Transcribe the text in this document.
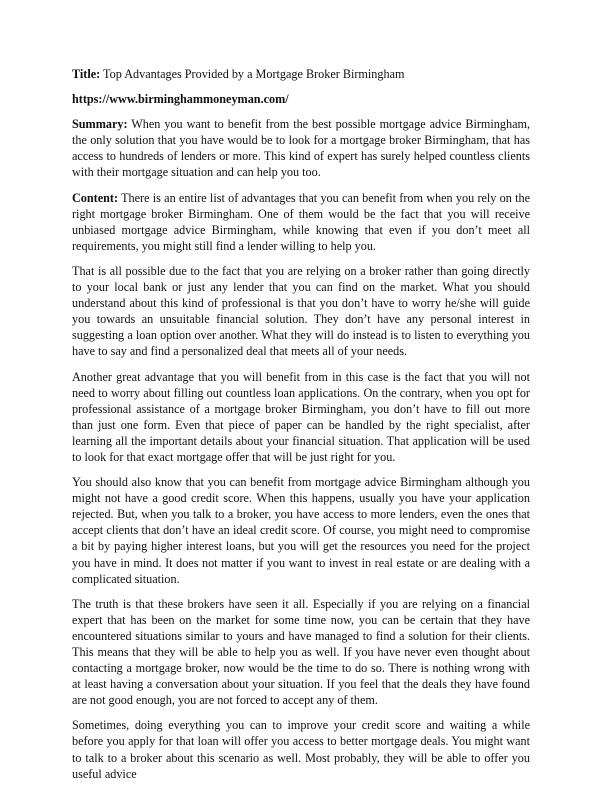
Title: Top Advantages Provided by a Mortgage Broker Birmingham

https://www.birminghammoneyman.com/

Summary: When you want to benefit from the best possible mortgage advice Birmingham, the only solution that you have would be to look for a mortgage broker Birmingham, that has access to hundreds of lenders or more. This kind of expert has surely helped countless clients with their mortgage situation and can help you too.

Content: There is an entire list of advantages that you can benefit from when you rely on the right mortgage broker Birmingham. One of them would be the fact that you will receive unbiased mortgage advice Birmingham, while knowing that even if you don’t meet all requirements, you might still find a lender willing to help you.

That is all possible due to the fact that you are relying on a broker rather than going directly to your local bank or just any lender that you can find on the market. What you should understand about this kind of professional is that you don’t have to worry he/she will guide you towards an unsuitable financial solution. They don’t have any personal interest in suggesting a loan option over another. What they will do instead is to listen to everything you have to say and find a personalized deal that meets all of your needs.

Another great advantage that you will benefit from in this case is the fact that you will not need to worry about filling out countless loan applications. On the contrary, when you opt for professional assistance of a mortgage broker Birmingham, you don’t have to fill out more than just one form. Even that piece of paper can be handled by the right specialist, after learning all the important details about your financial situation. That application will be used to look for that exact mortgage offer that will be just right for you.

You should also know that you can benefit from mortgage advice Birmingham although you might not have a good credit score. When this happens, usually you have your application rejected. But, when you talk to a broker, you have access to more lenders, even the ones that accept clients that don’t have an ideal credit score. Of course, you might need to compromise a bit by paying higher interest loans, but you will get the resources you need for the project you have in mind. It does not matter if you want to invest in real estate or are dealing with a complicated situation.

The truth is that these brokers have seen it all. Especially if you are relying on a financial expert that has been on the market for some time now, you can be certain that they have encountered situations similar to yours and have managed to find a solution for their clients. This means that they will be able to help you as well. If you have never even thought about contacting a mortgage broker, now would be the time to do so. There is nothing wrong with at least having a conversation about your situation. If you feel that the deals they have found are not good enough, you are not forced to accept any of them.

Sometimes, doing everything you can to improve your credit score and waiting a while before you apply for that loan will offer you access to better mortgage deals. You might want to talk to a broker about this scenario as well. Most probably, they will be able to offer you useful advice
